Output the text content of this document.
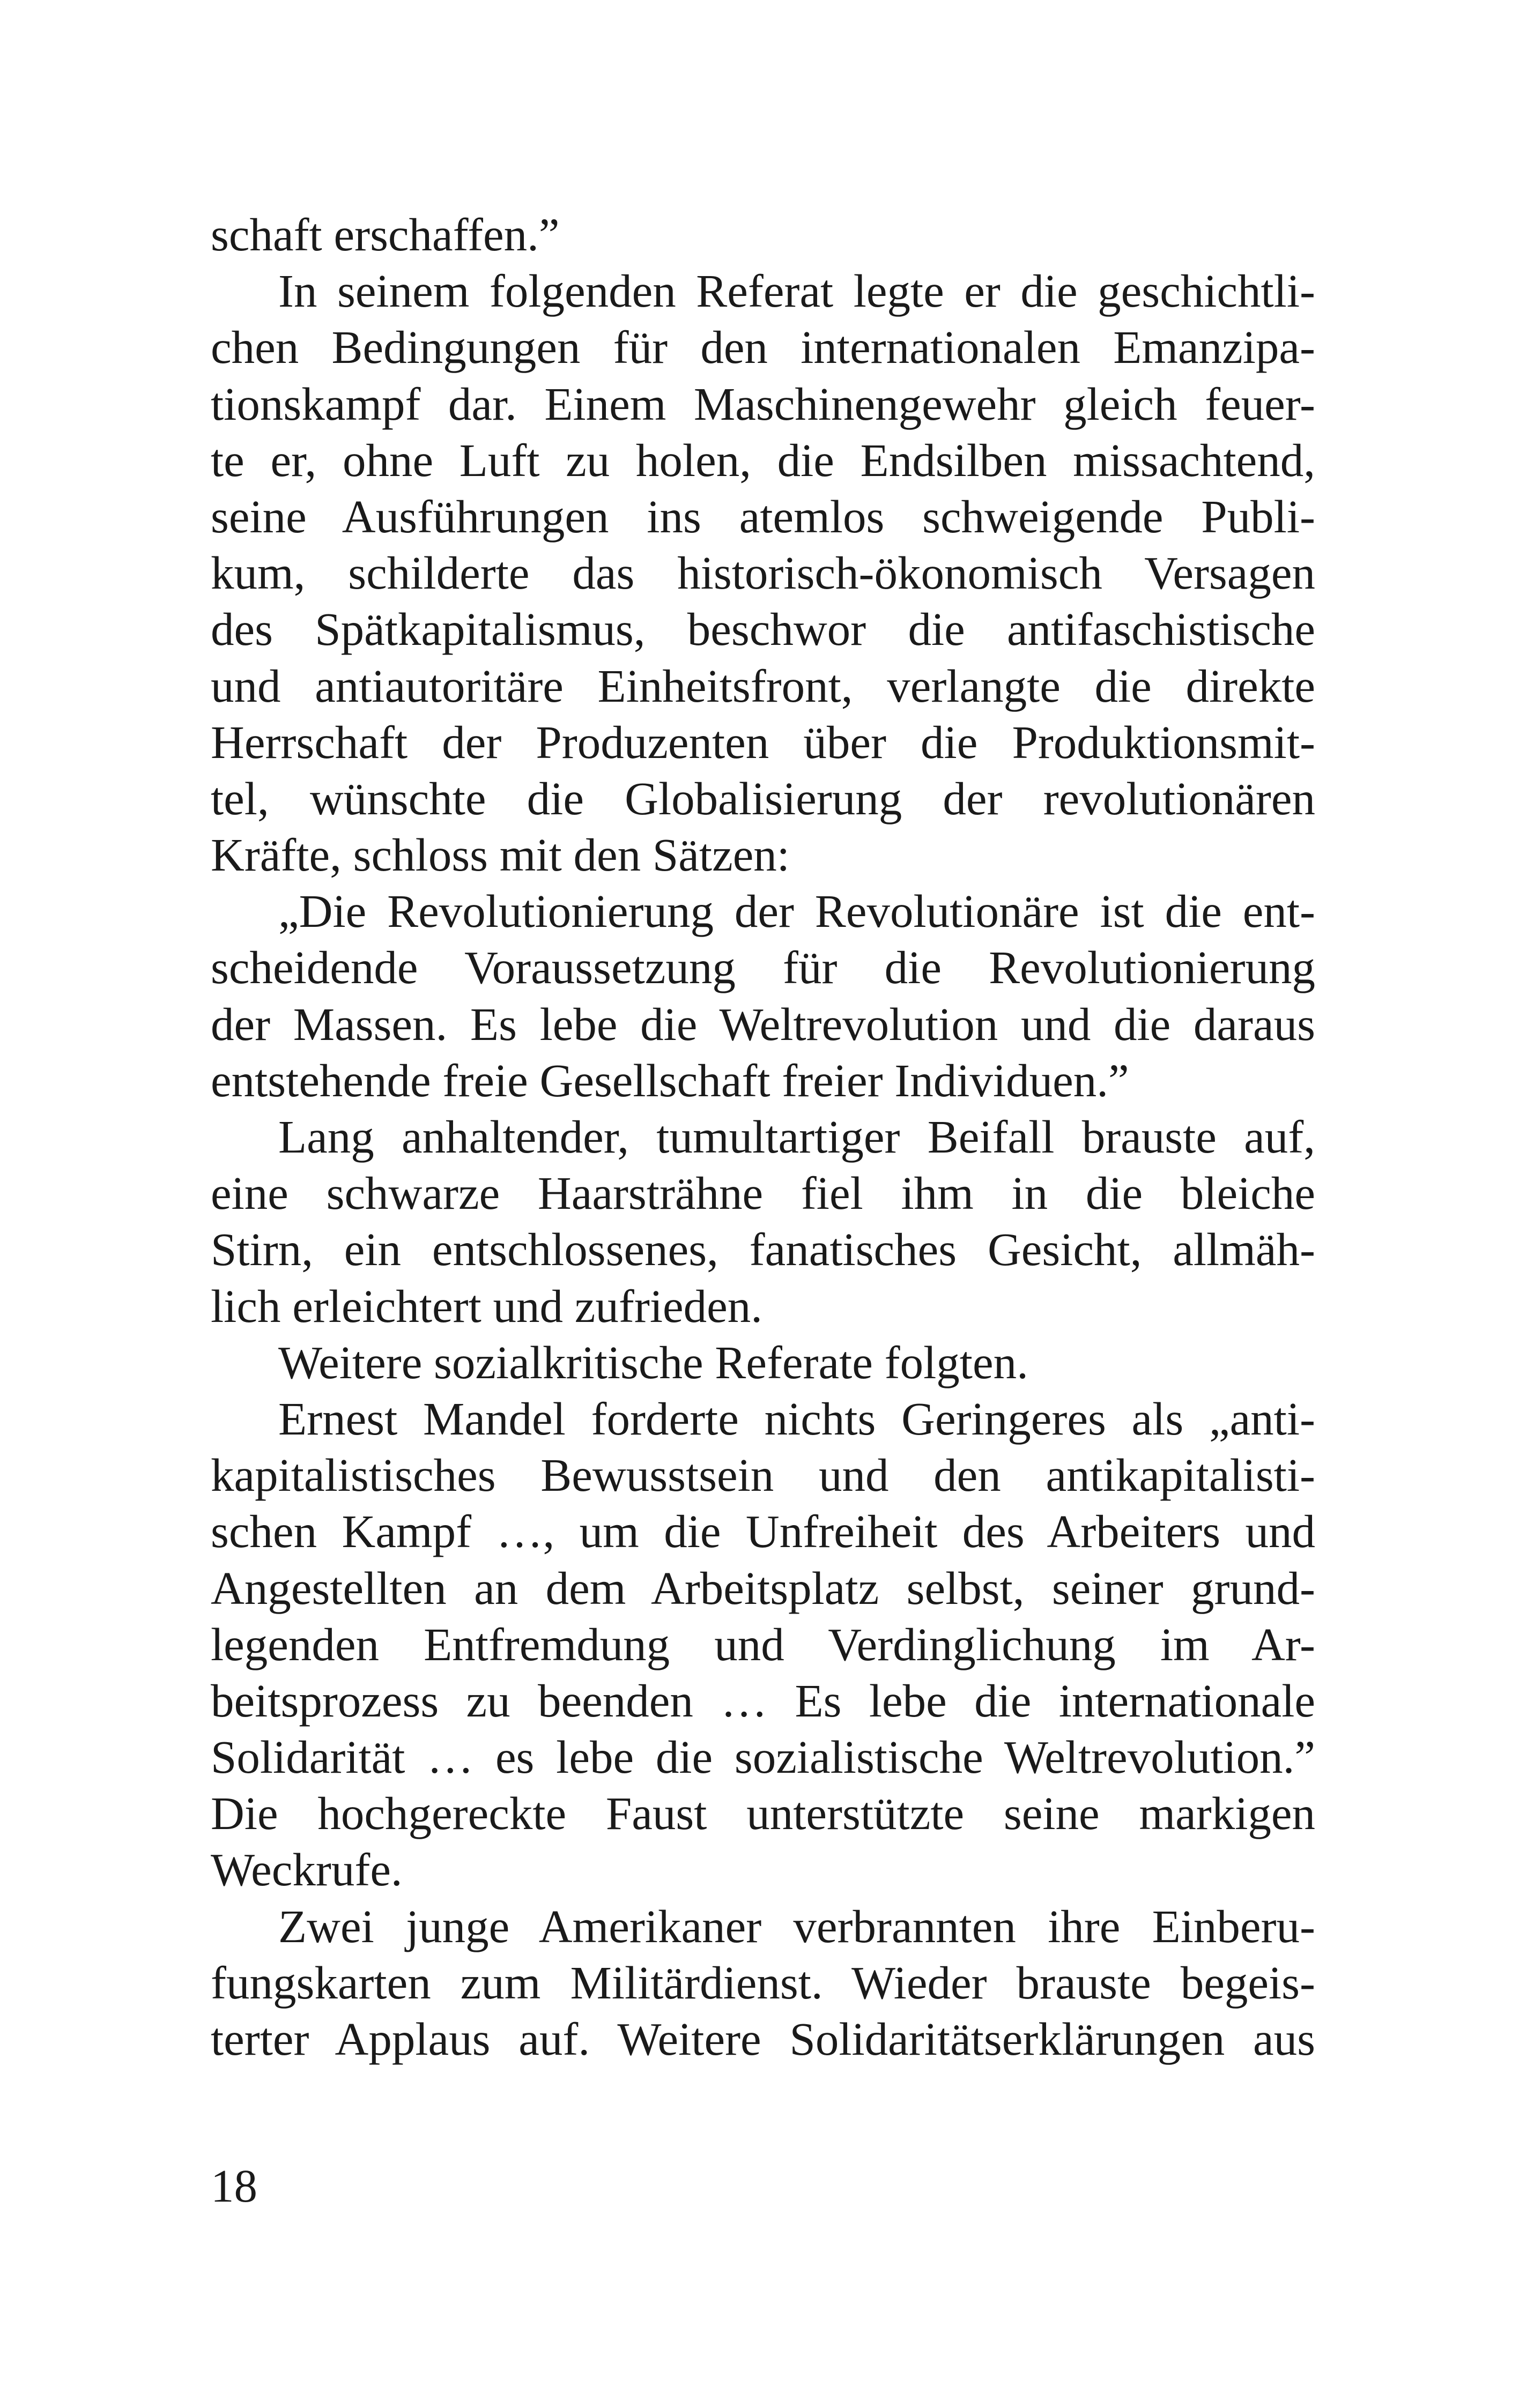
schaft erschaffen.”
In seinem folgenden Referat legte er die geschichtli-
chen Bedingungen für den internationalen Emanzipa-
tionskampf dar. Einem Maschinengewehr gleich feuer-
te er, ohne Luft zu holen, die Endsilben missachtend,
seine Ausführungen ins atemlos schweigende Publi-
kum, schilderte das historisch-ökonomisch Versagen
des Spätkapitalismus, beschwor die antifaschistische
und antiautoritäre Einheitsfront, verlangte die direkte
Herrschaft der Produzenten über die Produktionsmit-
tel, wünschte die Globalisierung der revolutionären
Kräfte, schloss mit den Sätzen:
„Die Revolutionierung der Revolutionäre ist die ent-
scheidende Voraussetzung für die Revolutionierung
der Massen. Es lebe die Weltrevolution und die daraus
entstehende freie Gesellschaft freier Individuen.”
Lang anhaltender, tumultartiger Beifall brauste auf,
eine schwarze Haarsträhne fiel ihm in die bleiche
Stirn, ein entschlossenes, fanatisches Gesicht, allmäh-
lich erleichtert und zufrieden.
Weitere sozialkritische Referate folgten.
Ernest Mandel forderte nichts Geringeres als „anti-
kapitalistisches Bewusstsein und den antikapitalisti-
schen Kampf …, um die Unfreiheit des Arbeiters und
Angestellten an dem Arbeitsplatz selbst, seiner grund-
legenden Entfremdung und Verdinglichung im Ar-
beitsprozess zu beenden … Es lebe die internationale
Solidarität … es lebe die sozialistische Weltrevolution.”
Die hochgereckte Faust unterstützte seine markigen
Weckrufe.
Zwei junge Amerikaner verbrannten ihre Einberu-
fungskarten zum Militärdienst. Wieder brauste begeis-
terter Applaus auf. Weitere Solidaritätserklärungen aus
18
